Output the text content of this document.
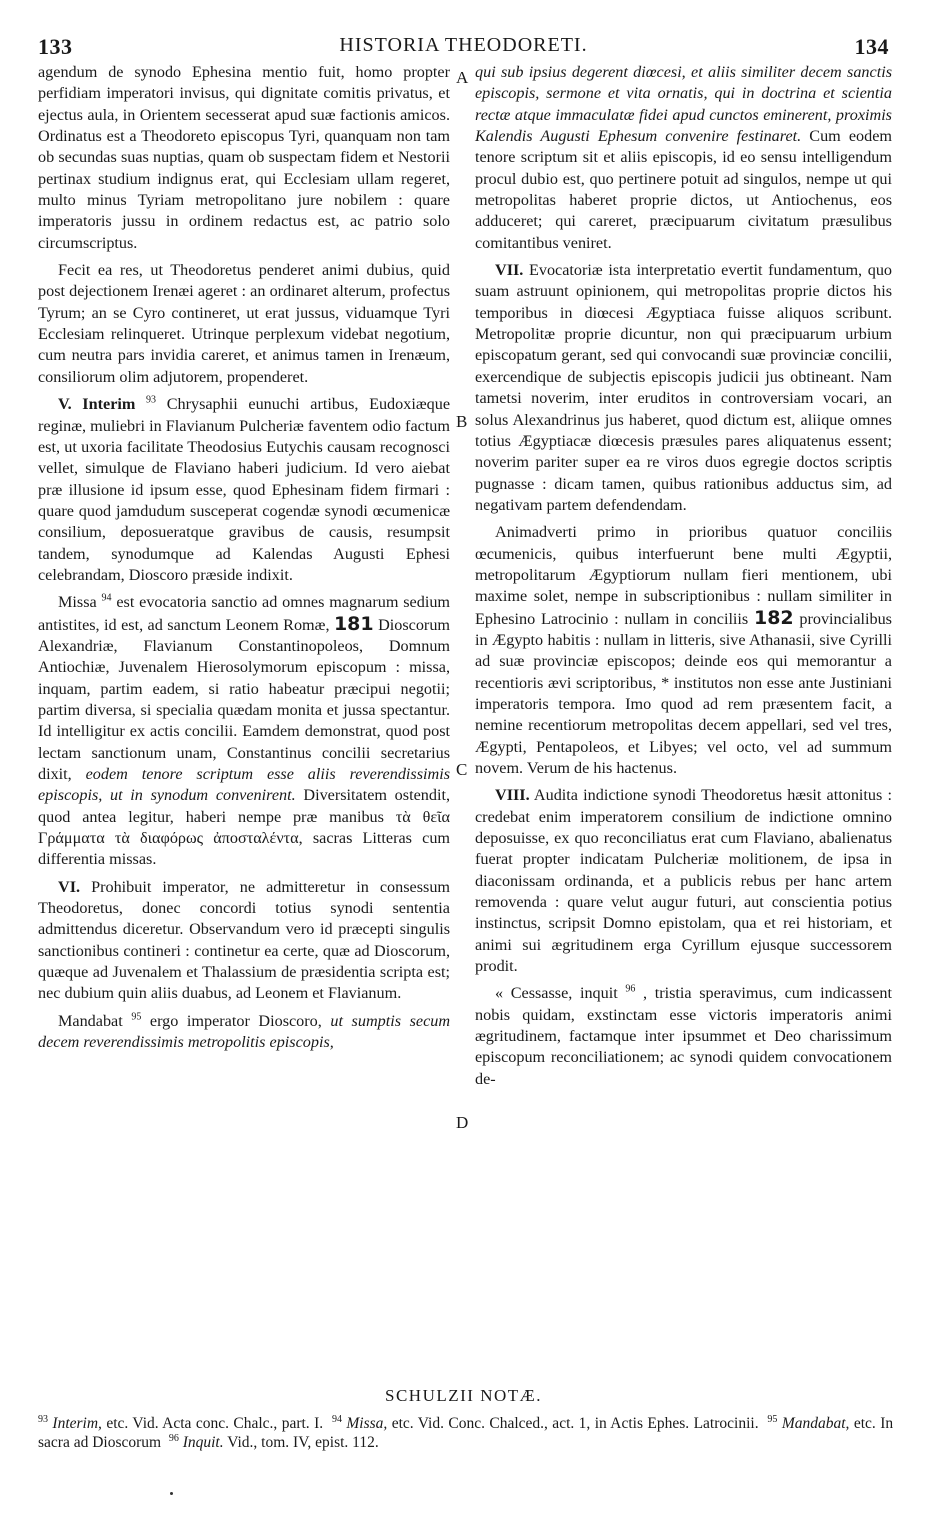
133	HISTORIA THEODORETI.	134
A
B
C
D

agendum de synodo Ephesina mentio fuit, homo propter perfidiam imperatori invisus, qui dignitate comitis privatus, et ejectus aula, in Orientem secesserat apud suæ factionis amicos. Ordinatus est a Theodoreto episcopus Tyri, quanquam non tam ob secundas suas nuptias, quam ob suspectam fidem et Nestorii pertinax studium indignus erat, qui Ecclesiam ullam regeret, multo minus Tyriam metropolitano jure nobilem : quare imperatoris jussu in ordinem redactus est, ac patrio solo circumscriptus.

Fecit ea res, ut Theodoretus penderet animi dubius, quid post dejectionem Irenæi ageret : an ordinaret alterum, profectus Tyrum; an se Cyro contineret, ut erat jussus, viduamque Tyri Ecclesiam relinqueret. Utrinque perplexum videbat negotium, cum neutra pars invidia careret, et animus tamen in Irenæum, consiliorum olim adjutorem, propenderet.

V. Interim $^{93}$ Chrysaphii eunuchi artibus, Eudoxiæque reginæ, muliebri in Flavianum Pulcheriæ faventem odio factum est, ut uxoria facilitate Theodosius Eutychis causam recognosci vellet, simulque de Flaviano haberi judicium. Id vero aiebat præ illusione id ipsum esse, quod Ephesinam fidem firmari : quare quod jamdudum susceperat cogendæ synodi œcumenicæ consilium, deposueratque gravibus de causis, resumpsit tandem, synodumque ad Kalendas Augusti Ephesi celebrandam, Dioscoro præside indixit.

Missa $^{94}$ est evocatoria sanctio ad omnes magnarum sedium antistites, id est, ad sanctum Leonem Romæ, 181 Dioscorum Alexandriæ, Flavianum Constantinopoleos, Domnum Antiochiæ, Juvenalem Hierosolymorum episcopum : missa, inquam, partim eadem, si ratio habeatur præcipui negotii; partim diversa, si specialia quædam monita et jussa spectantur. Id intelligitur ex actis concilii. Eamdem demonstrat, quod post lectam sanctionum unam, Constantinus concilii secretarius dixit, eodem tenore scriptum esse aliis reverendissimis episcopis, ut in synodum convenirent. Diversitatem ostendit, quod antea legitur, haberi nempe præ manibus τὰ θεῖα Γράμματα τὰ διαφόρως ἀποσταλέντα, sacras Litteras cum differentia missas.

VI. Prohibuit imperator, ne admitteretur in consessum Theodoretus, donec concordi totius synodi sententia admittendus diceretur. Observandum vero id præcepti singulis sanctionibus contineri : continetur ea certe, quæ ad Dioscorum, quæque ad Juvenalem et Thalassium de præsidentia scripta est; nec dubium quin aliis duabus, ad Leonem et Flavianum.

Mandabat $^{95}$ ergo imperator Dioscoro, ut sumptis secum decem reverendissimis metropolitis episcopis,

qui sub ipsius degerent diœcesi, et aliis similiter decem sanctis episcopis, sermone et vita ornatis, qui in doctrina et scientia rectæ atque immaculatæ fidei apud cunctos eminerent, proximis Kalendis Augusti Ephesum convenire festinaret. Cum eodem tenore scriptum sit et aliis episcopis, id eo sensu intelligendum procul dubio est, quo pertinere potuit ad singulos, nempe ut qui metropolitas haberet proprie dictos, ut Antiochenus, eos adduceret; qui careret, præcipuarum civitatum præsulibus comitantibus veniret.

VII. Evocatoriæ ista interpretatio evertit fundamentum, quo suam astruunt opinionem, qui metropolitas proprie dictos his temporibus in diœcesi Ægyptiaca fuisse aliquos scribunt. Metropolitæ proprie dicuntur, non qui præcipuarum urbium episcopatum gerant, sed qui convocandi suæ provinciæ concilii, exercendique de subjectis episcopis judicii jus obtineant. Nam tametsi noverim, inter eruditos in controversiam vocari, an solus Alexandrinus jus haberet, quod dictum est, aliique omnes totius Ægyptiacæ diœcesis præsules pares aliquatenus essent; noverim pariter super ea re viros duos egregie doctos scriptis pugnasse : dicam tamen, quibus rationibus adductus sim, ad negativam partem defendendam.

Animadverti primo in prioribus quatuor conciliis œcumenicis, quibus interfuerunt bene multi Ægyptii, metropolitarum Ægyptiorum nullam fieri mentionem, ubi maxime solet, nempe in subscriptionibus : nullam similiter in Ephesino Latrocinio : nullam in conciliis 182 provincialibus in Ægypto habitis : nullam in litteris, sive Athanasii, sive Cyrilli ad suæ provinciæ episcopos; deinde eos qui memorantur a recentioris ævi scriptoribus, * institutos non esse ante Justiniani imperatoris tempora. Imo quod ad rem præsentem facit, a nemine recentiorum metropolitas decem appellari, sed vel tres, Ægypti, Pentapoleos, et Libyes; vel octo, vel ad summum novem. Verum de his hactenus.

VIII. Audita indictione synodi Theodoretus hæsit attonitus : credebat enim imperatorem consilium de indictione omnino deposuisse, ex quo reconciliatus erat cum Flaviano, abalienatus fuerat propter indicatam Pulcheriæ molitionem, de ipsa in diaconissam ordinanda, et a publicis rebus per hanc artem removenda : quare velut augur futuri, aut conscientia potius instinctus, scripsit Domno epistolam, qua et rei historiam, et animi sui ægritudinem erga Cyrillum ejusque successorem prodit.

« Cessasse, inquit $^{96}$ , tristia speravimus, cum indicassent nobis quidam, exstinctam esse victoris imperatoris animi ægritudinem, factamque inter ipsummet et Deo charissimum episcopum reconciliationem; ac synodi quidem convocationem de-

SCHULZII NOTÆ.
$^{93}$ Interim, etc. Vid. Acta conc. Chalc., part. I. $^{94}$ Missa, etc. Vid. Conc. Chalced., act. 1, in Actis Ephes. Latrocinii. $^{95}$ Mandabat, etc. In sacra ad Dioscorum $^{96}$ Inquit. Vid., tom. IV, epist. 112.
